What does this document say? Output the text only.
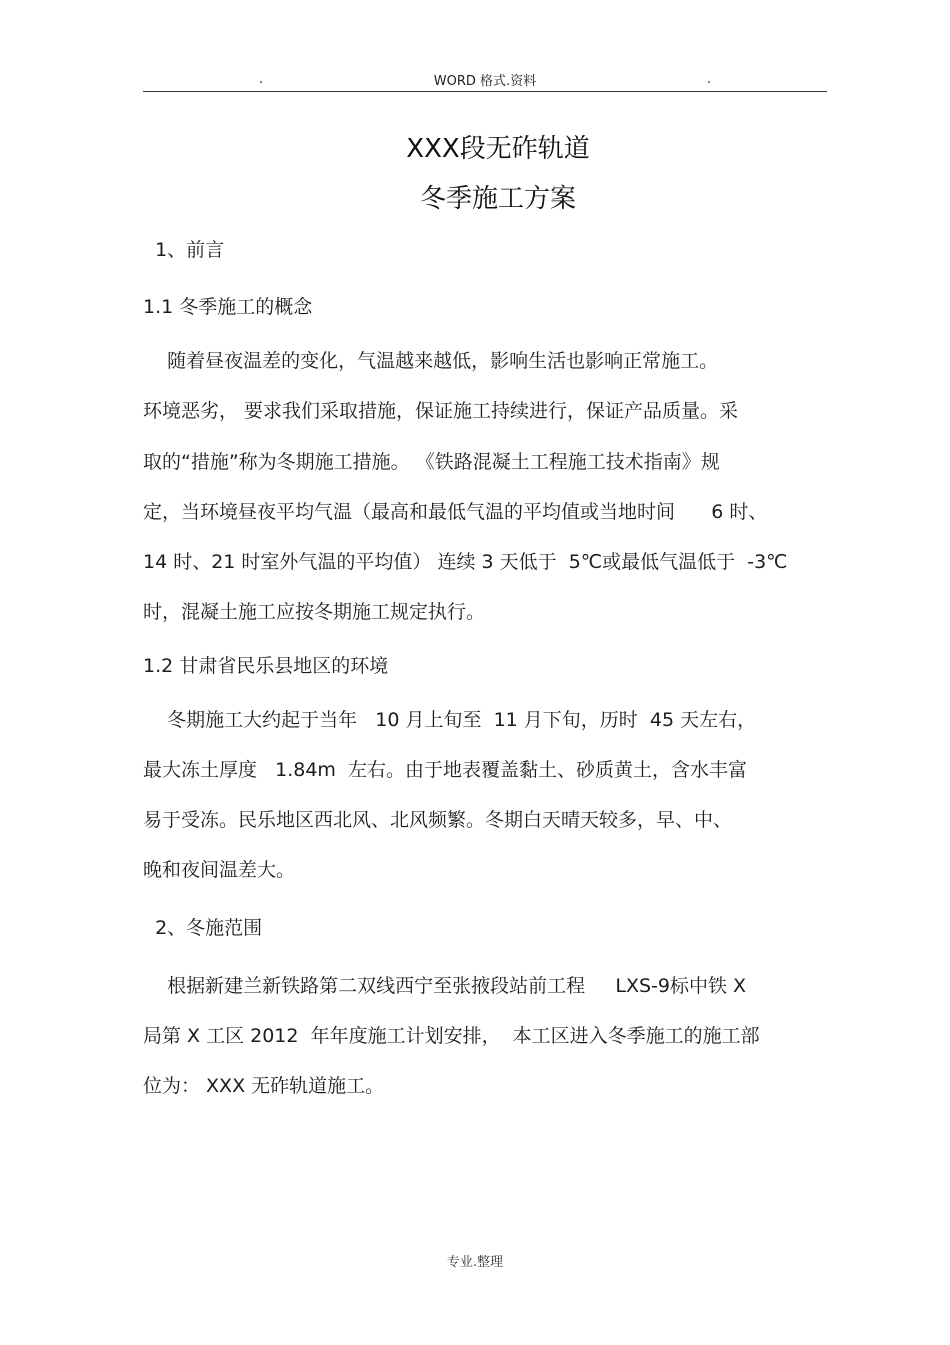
.	WORD 格式.资料	.
XXX段无砟轨道
冬季施工方案
1、前言
1.1 冬季施工的概念
随着昼夜温差的变化，气温越来越低，影响生活也影响正常施工。
环境恶劣， 要求我们采取措施，保证施工持续进行，保证产品质量。采
取的“措施”称为冬期施工措施。 《铁路混凝土工程施工技术指南》规
定，当环境昼夜平均气温（最高和最低气温的平均值或当地时间      6 时、
14 时、21 时室外气温的平均值） 连续 3 天低于  5℃或最低气温低于  -3℃
时，混凝土施工应按冬期施工规定执行。
1.2 甘肃省民乐县地区的环境
冬期施工大约起于当年   10 月上旬至  11 月下旬，历时  45 天左右，
最大冻土厚度   1.84m  左右。由于地表覆盖黏土、砂质黄土，含水丰富
易于受冻。民乐地区西北风、北风频繁。冬期白天晴天较多，早、中、
晚和夜间温差大。
2、冬施范围
根据新建兰新铁路第二双线西宁至张掖段站前工程     LXS-9标中铁 X
局第 X 工区 2012  年年度施工计划安排，  本工区进入冬季施工的施工部
位为： XXX 无砟轨道施工。
专业.整理
